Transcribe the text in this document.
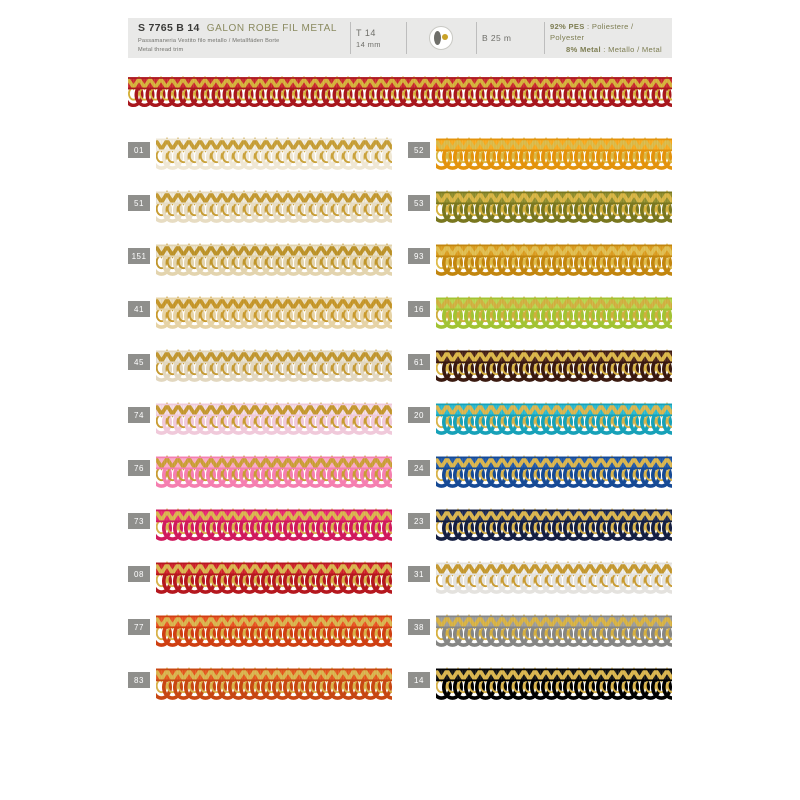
S 7765 B 14 GALON ROBE FIL METAL
Passamaneria Vestito filo metallo / Metallfäden Borte
Metal thread trim
T 14
14 mm
B 25 m
92% PES : Poliestere / Polyester
8% Metal : Metallo / Metal
01
51
151
41
45
74
76
73
08
77
83
52
53
93
16
61
20
24
23
31
38
14
